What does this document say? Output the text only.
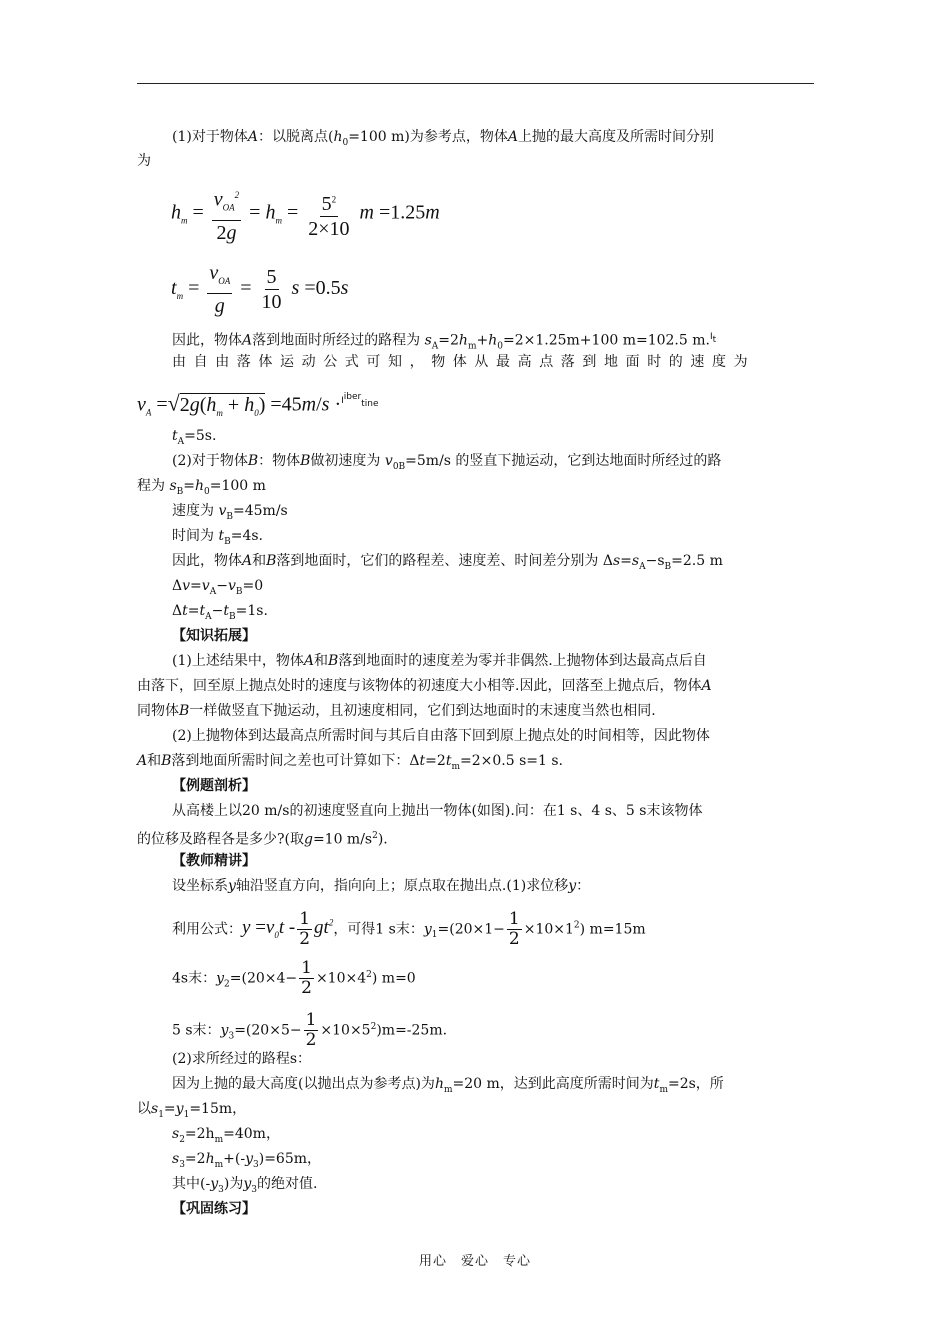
(1)对于物体A：以脱离点($h_0=100$ m)为参考点，物体A上抛的最大高度及所需时间分别
为
$h_m = \frac{v_{OA}^2}{2g} = h_m = \frac{5^2}{2\times 10}$ m =1.25m
$t_m = \frac{v_{OA}}{g} = \frac{5}{10}$ s =0.5s
因此，物体A落到地面时所经过的路程为 $s_A=2h_m+h_0=2\times 1.25m+100$ m=102.5 m.$^{I_t}$
由自由落体运动公式可知，物体从最高点落到地面时的速度为
$v_A =√2g(h_m + h_0) =45m/s \cdot^{I^{iber}_{tine}}$
$t_A=5s$.
(2)对于物体B：物体B做初速度为 $v_{0B}=5m/s$ 的竖直下抛运动，它到达地面时所经过的路
程为 $s_B=h_0=100$ m
速度为 $v_B=45m/s$
时间为 $t_B=4s$.
因此，物体A和B落到地面时，它们的路程差、速度差、时间差分别为 $\Delta s=s_A-s_B=2.5$ m
$\Delta v=v_A-v_B=0$
$\Delta t=t_A-t_B=1s$.
【知识拓展】
(1)上述结果中，物体A和B落到地面时的速度差为零并非偶然.上抛物体到达最高点后自
由落下，回至原上抛点处时的速度与该物体的初速度大小相等.因此，回落至上抛点后，物体A
同物体B一样做竖直下抛运动，且初速度相同，它们到达地面时的末速度当然也相同.
(2)上抛物体到达最高点所需时间与其后自由落下回到原上抛点处的时间相等，因此物体
A和B落到地面所需时间之差也可计算如下：$\Delta t=2t_m=2\times 0.5$ s=1 s.
【例题剖析】
从高楼上以20 m/s的初速度竖直向上抛出一物体(如图).问：在1 s、4 s、5 s末该物体
的位移及路程各是多少?(取g=10 $m/s^2$).
【教师精讲】
设坐标系y轴沿竖直方向，指向向上；原点取在抛出点.(1)求位移y：
利用公式：$y =v_0t - \frac{1}{2} gt^2$，可得1 s末：$y_1=(20\times 1- \frac{1}{2} \times 10\times 1^2)$ m=15m
4s末：$y_2=(20\times 4- \frac{1}{2} \times 10\times 4^2)$ m=0
5 s末：$y_3=(20\times 5- \frac{1}{2} \times 10\times 5^2)m=-25m$.
(2)求所经过的路程s：
因为上抛的最大高度(以抛出点为参考点)为$h_m=20$ m，达到此高度所需时间为$t_m=2s$，所
以$s_1=y_1=15m$，
$s_2=2h_m=40m$，
$s_3=2h_m+(-y_3)=65m$，
其中$(-y_3)$为$y_3$的绝对值.
【巩固练习】
用心　爱心　专心
